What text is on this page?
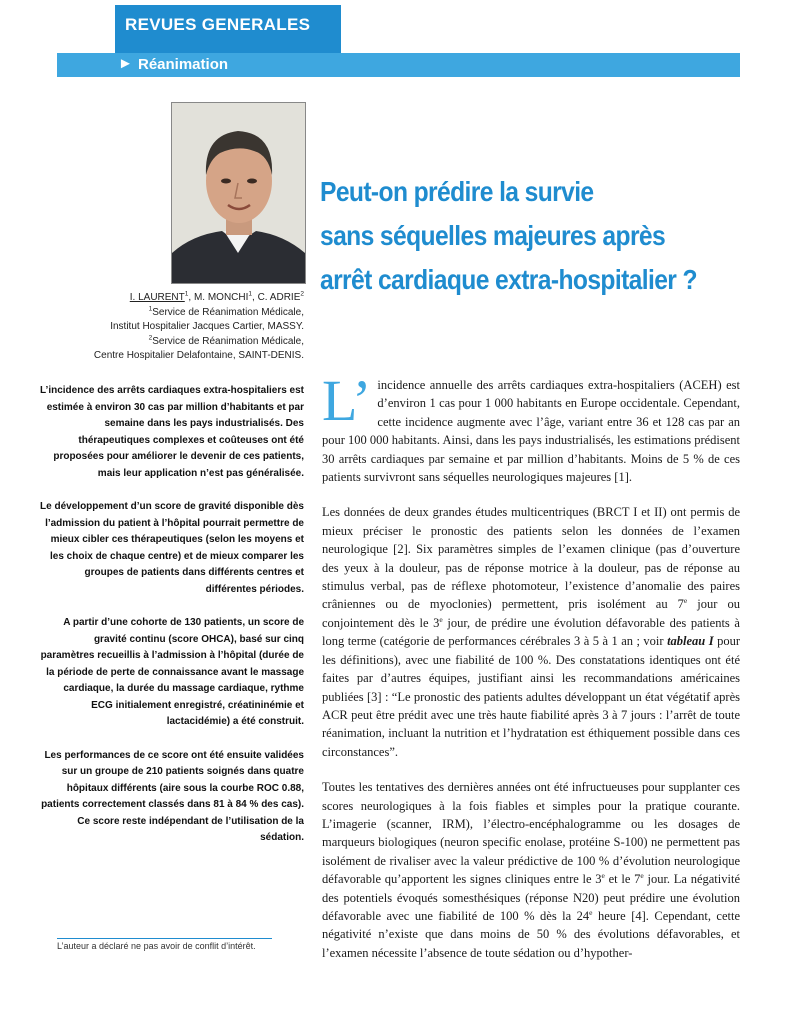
REVUES GENERALES
► Réanimation
Peut-on prédire la survie
sans séquelles majeures après
arrêt cardiaque extra-hospitalier ?
I. LAURENT$^1$, M. MONCHI$^1$, C. ADRIE$^2$
$^1$Service de Réanimation Médicale,
Institut Hospitalier Jacques Cartier, MASSY.
$^2$Service de Réanimation Médicale,
Centre Hospitalier Delafontaine, SAINT-DENIS.

L’incidence des arrêts cardiaques extra-hospitaliers est estimée à environ 30 cas par million d’habitants et par semaine dans les pays industrialisés. Des thérapeutiques complexes et coûteuses ont été proposées pour améliorer le devenir de ces patients, mais leur application n’est pas généralisée.

Le développement d’un score de gravité disponible dès l’admission du patient à l’hôpital pourrait permettre de mieux cibler ces thérapeutiques (selon les moyens et les choix de chaque centre) et de mieux comparer les groupes de patients dans différents centres et différentes périodes.

A partir d’une cohorte de 130 patients, un score de gravité continu (score OHCA), basé sur cinq paramètres recueillis à l’admission à l’hôpital (durée de la période de perte de connaissance avant le massage cardiaque, la durée du massage cardiaque, rythme ECG initialement enregistré, créatininémie et lactacidémie) a été construit.

Les performances de ce score ont été ensuite validées sur un groupe de 210 patients soignés dans quatre hôpitaux différents (aire sous la courbe ROC 0.88, patients correctement classés dans 81 à 84 % des cas). Ce score reste indépendant de l’utilisation de la sédation.

L’auteur a déclaré ne pas avoir de conflit d’intérêt.

L’ incidence annuelle des arrêts cardiaques extra-hospitaliers (ACEH) est d’environ 1 cas pour 1 000 habitants en Europe occidentale. Cependant, cette incidence augmente avec l’âge, variant entre 36 et 128 cas par an pour 100 000 habitants. Ainsi, dans les pays industrialisés, les estimations prédisent 30 arrêts cardiaques par semaine et par million d’habitants. Moins de 5 % de ces patients survivront sans séquelles neurologiques majeures [1].

Les données de deux grandes études multicentriques (BRCT I et II) ont permis de mieux préciser le pronostic des patients selon les données de l’examen neurologique [2]. Six paramètres simples de l’examen clinique (pas d’ouverture des yeux à la douleur, pas de réponse motrice à la douleur, pas de réponse au stimulus verbal, pas de réflexe photomoteur, l’existence d’anomalie des paires crâniennes ou de myoclonies) permettent, pris isolément au 7e jour ou conjointement dès le 3e jour, de prédire une évolution défavorable des patients à long terme (catégorie de performances cérébrales 3 à 5 à 1 an ; voir tableau I pour les définitions), avec une fiabilité de 100 %. Des constatations identiques ont été faites par d’autres équipes, justifiant ainsi les recommandations américaines publiées [3] : “Le pronostic des patients adultes développant un état végétatif après ACR peut être prédit avec une très haute fiabilité après 3 à 7 jours : l’arrêt de toute réanimation, incluant la nutrition et l’hydratation est éthiquement possible dans ces circonstances”.

Toutes les tentatives des dernières années ont été infructueuses pour supplanter ces scores neurologiques à la fois fiables et simples pour la pratique courante. L’imagerie (scanner, IRM), l’électro-encéphalogramme ou les dosages de marqueurs biologiques (neuron specific enolase, protéine S-100) ne permettent pas isolément de rivaliser avec la valeur prédictive de 100 % d’évolution neurologique défavorable qu’apportent les signes cliniques entre le 3e et le 7e jour. La négativité des potentiels évoqués somesthésiques (réponse N20) peut prédire une évolution défavorable avec une fiabilité de 100 % dès la 24e heure [4]. Cependant, cette négativité n’existe que dans moins de 50 % des évolutions défavorables, et l’examen nécessite l’absence de toute sédation ou d’hypother-
